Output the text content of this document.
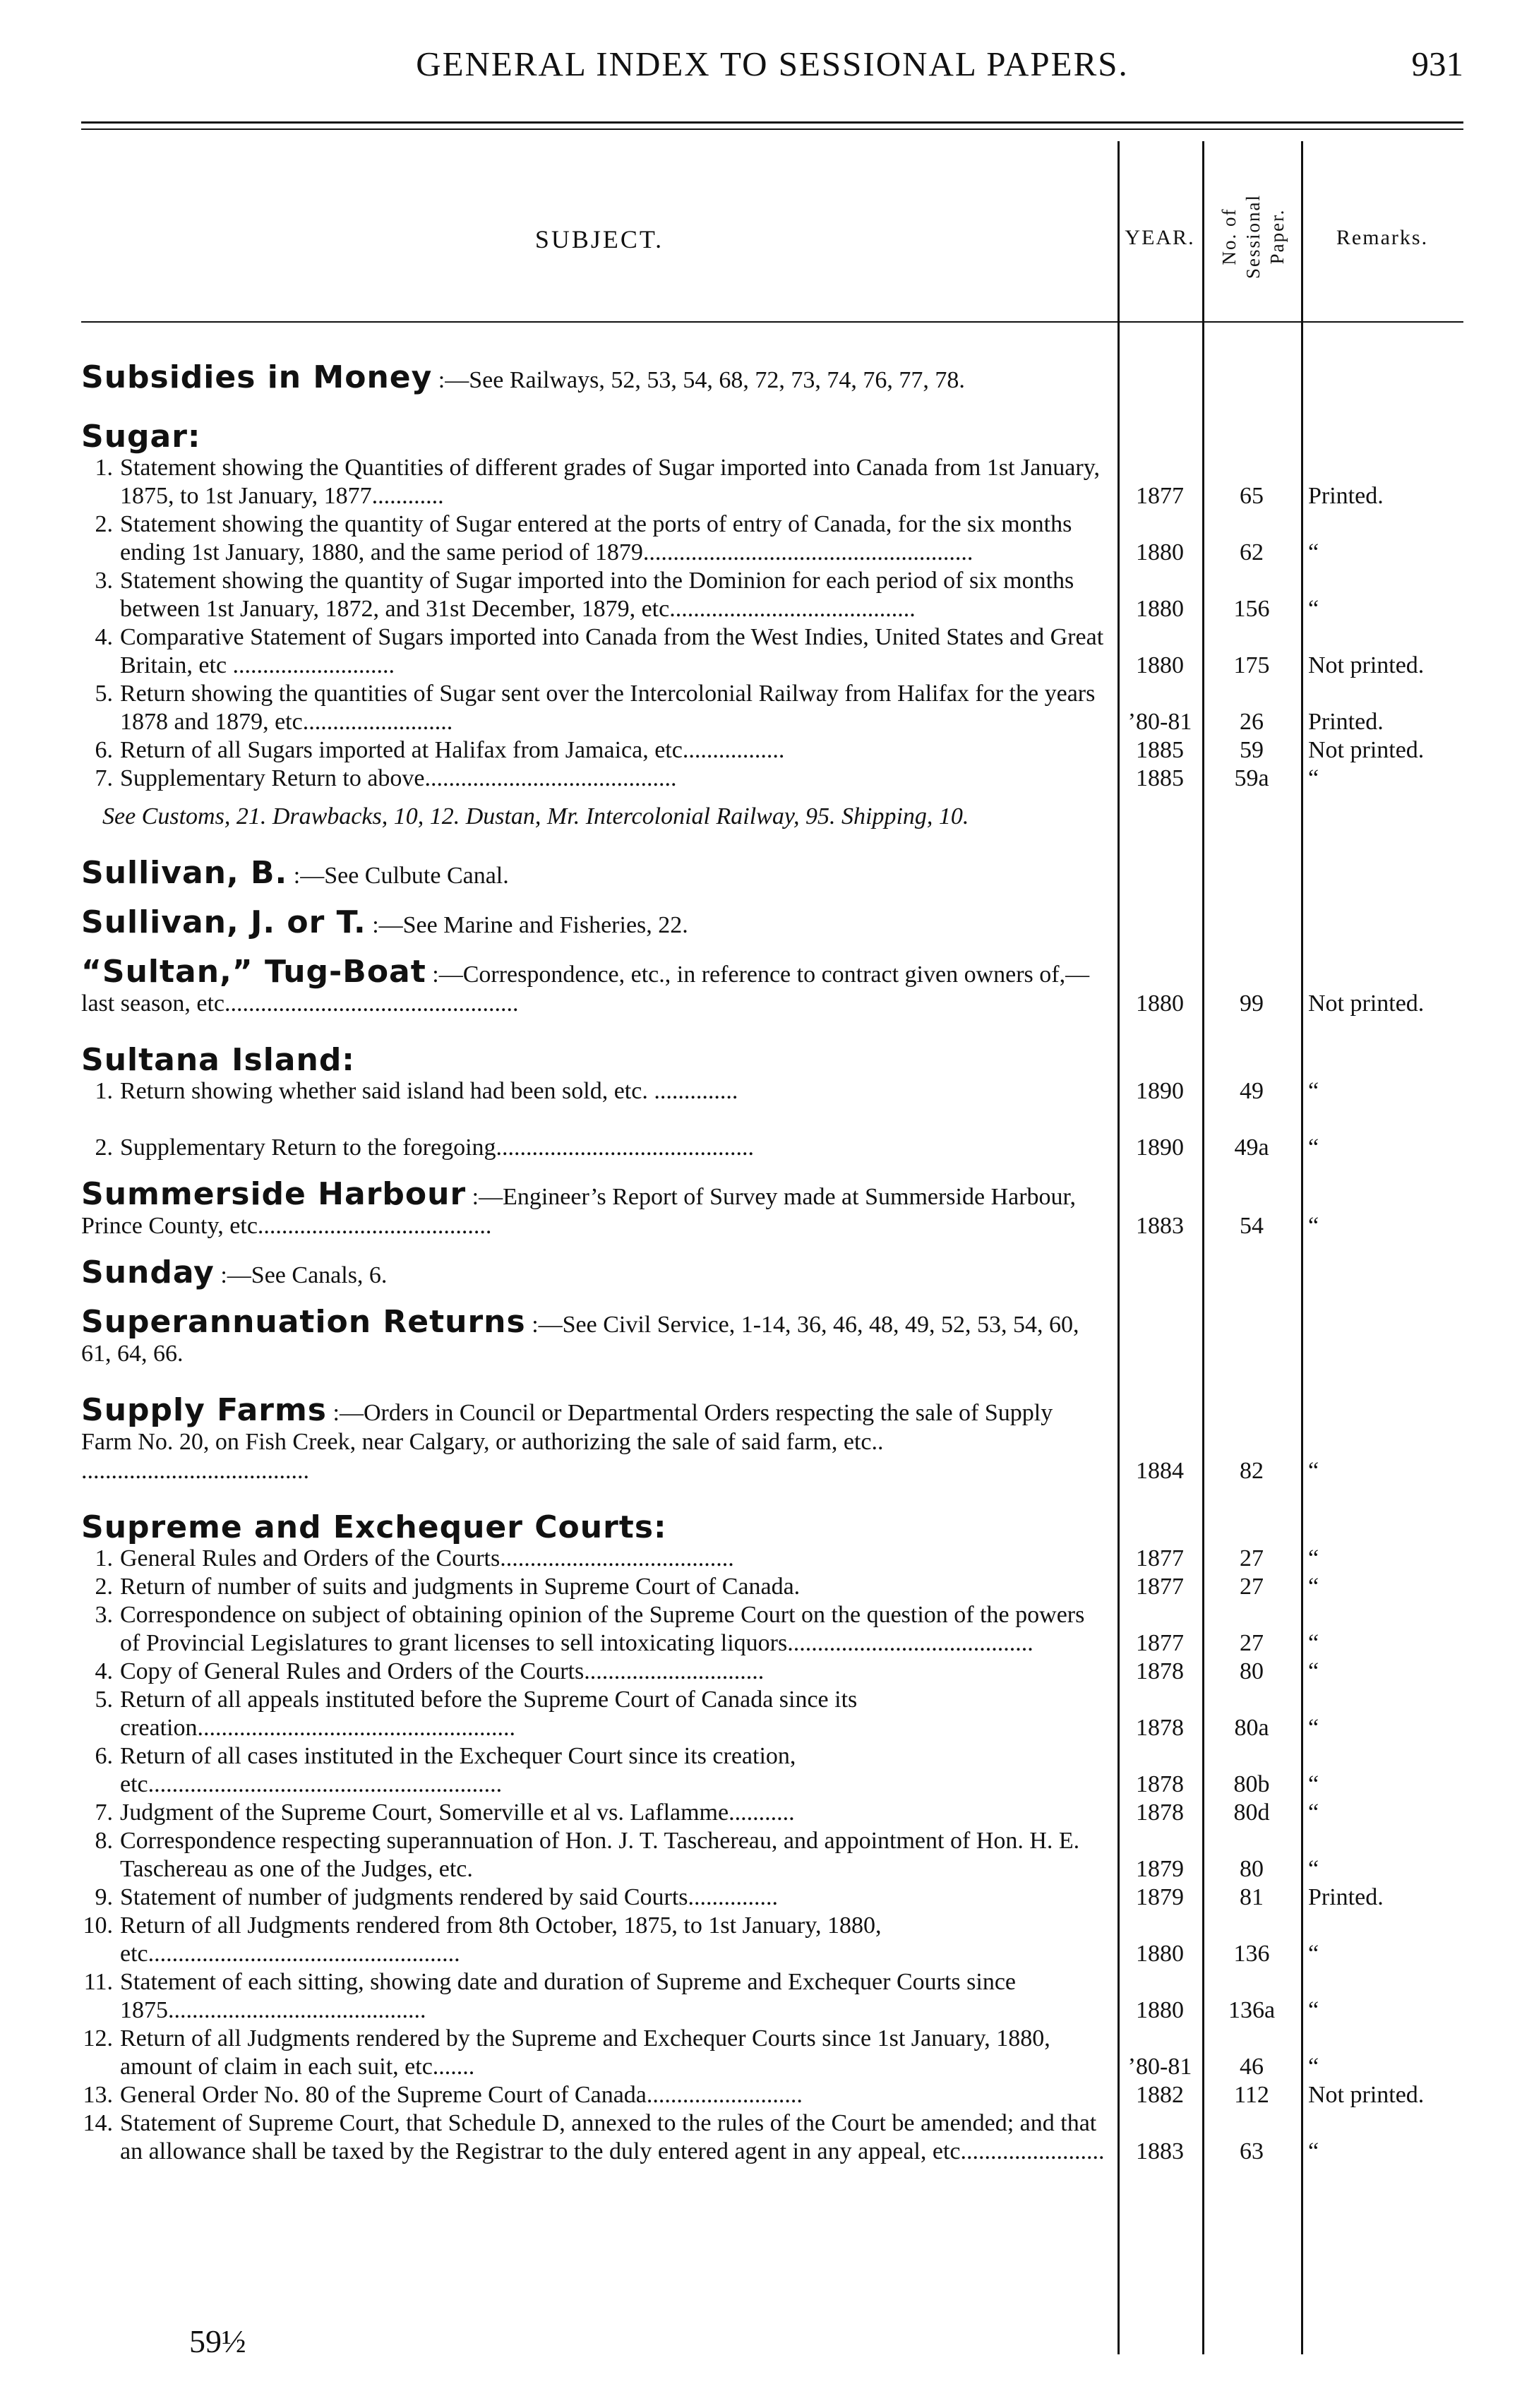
GENERAL INDEX TO SESSIONAL PAPERS.	931
SUBJECT.	YEAR.	No. of Sessional Paper.	Remarks.
Subsidies in Money :—See Railways, 52, 53, 54, 68, 72, 73, 74, 76, 77, 78.
Sugar:
1. Statement showing the Quantities of different grades of Sugar imported into Canada from 1st January, 1875, to 1st January, 1877............	1877	65	Printed.
2. Statement showing the quantity of Sugar entered at the ports of entry of Canada, for the six months ending 1st January, 1880, and the same period of 1879.......................................................	1880	62	“
3. Statement showing the quantity of Sugar imported into the Dominion for each period of six months between 1st January, 1872, and 31st December, 1879, etc.........................................	1880	156	“
4. Comparative Statement of Sugars imported into Canada from the West Indies, United States and Great Britain, etc ...........................	1880	175	Not printed.
5. Return showing the quantities of Sugar sent over the Intercolonial Railway from Halifax for the years 1878 and 1879, etc.........................	’80-81	26	Printed.
6. Return of all Sugars imported at Halifax from Jamaica, etc.................	1885	59	Not printed.
7. Supplementary Return to above..........................................	1885	59a	“
See Customs, 21. Drawbacks, 10, 12. Dustan, Mr. Intercolonial Railway, 95. Shipping, 10.
Sullivan, B. :—See Culbute Canal.
Sullivan, J. or T. :—See Marine and Fisheries, 22.
“Sultan,” Tug-Boat :—Correspondence, etc., in reference to contract given owners of,—last season, etc.................................................	1880	99	Not printed.
Sultana Island:
1. Return showing whether said island had been sold, etc. ..............	1890	49	“
2. Supplementary Return to the foregoing...........................................	1890	49a	“
Summerside Harbour :—Engineer’s Report of Survey made at Summerside Harbour, Prince County, etc.......................................	1883	54	“
Sunday :—See Canals, 6.
Superannuation Returns :—See Civil Service, 1-14, 36, 46, 48, 49, 52, 53, 54, 60, 61, 64, 66.
Supply Farms :—Orders in Council or Departmental Orders respecting the sale of Supply Farm No. 20, on Fish Creek, near Calgary, or authorizing the sale of said farm, etc.. ......................................	1884	82	“
Supreme and Exchequer Courts:
1. General Rules and Orders of the Courts.......................................	1877	27	“
2. Return of number of suits and judgments in Supreme Court of Canada.	1877	27	“
3. Correspondence on subject of obtaining opinion of the Supreme Court on the question of the powers of Provincial Legislatures to grant licenses to sell intoxicating liquors.........................................	1877	27	“
4. Copy of General Rules and Orders of the Courts..............................	1878	80	“
5. Return of all appeals instituted before the Supreme Court of Canada since its creation.....................................................	1878	80a	“
6. Return of all cases instituted in the Exchequer Court since its creation, etc...........................................................	1878	80b	“
7. Judgment of the Supreme Court, Somerville et al vs. Laflamme...........	1878	80d	“
8. Correspondence respecting superannuation of Hon. J. T. Taschereau, and appointment of Hon. H. E. Taschereau as one of the Judges, etc.	1879	80	“
9. Statement of number of judgments rendered by said Courts...............	1879	81	Printed.
10. Return of all Judgments rendered from 8th October, 1875, to 1st January, 1880, etc....................................................	1880	136	“
11. Statement of each sitting, showing date and duration of Supreme and Exchequer Courts since 1875...........................................	1880	136a	“
12. Return of all Judgments rendered by the Supreme and Exchequer Courts since 1st January, 1880, amount of claim in each suit, etc.......	’80-81	46	“
13. General Order No. 80 of the Supreme Court of Canada..........................	1882	112	Not printed.
14. Statement of Supreme Court, that Schedule D, annexed to the rules of the Court be amended; and that an allowance shall be taxed by the Registrar to the duly entered agent in any appeal, etc........................	1883	63	“
59½
